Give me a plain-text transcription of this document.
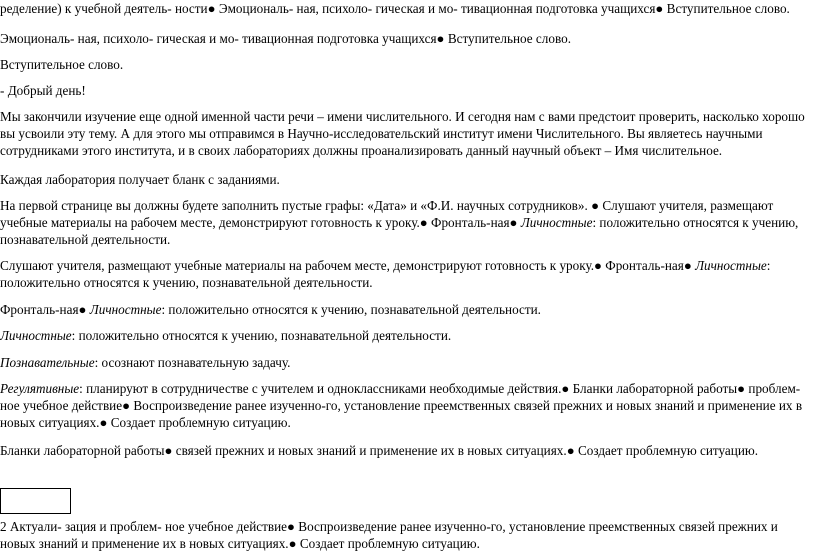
ределение) к учебной деятель- ности● Эмоциональ- ная, психоло- гическая и мо- тивационная подготовка учащихся● Вступительное слово.

Эмоциональ- ная, психоло- гическая и мо- тивационная подготовка учащихся● Вступительное слово.

Вступительное слово.

- Добрый день!

Мы закончили изучение еще одной именной части речи – имени числительного. И сегодня нам с вами предстоит проверить, насколько хорошо вы усвоили эту тему. А для этого мы отправимся в Научно-исследовательский институт имени Числительного. Вы являетесь научными сотрудниками этого института, и в своих лабораториях должны проанализировать данный научный объект – Имя числительное.

Каждая лаборатория получает бланк с заданиями.

На первой странице вы должны будете заполнить пустые графы: «Дата» и «Ф.И. научных сотрудников». ● Слушают учителя, размещают учебные материалы на рабочем месте, демонстрируют готовность к уроку.● Фронталь-ная● Личностные: положительно относятся к учению, познавательной деятельности.

Слушают учителя, размещают учебные материалы на рабочем месте, демонстрируют готовность к уроку.● Фронталь-ная● Личностные: положительно относятся к учению, познавательной деятельности.

Фронталь-ная● Личностные: положительно относятся к учению, познавательной деятельности.

Личностные: положительно относятся к учению, познавательной деятельности.

Познавательные: осознают познавательную задачу.

Регулятивные: планируют в сотрудничестве с учителем и одноклассниками необходимые действия.● Бланки лабораторной работы● проблем- ное учебное действие● Воспроизведение ранее изученно-го, установление преемственных связей прежних и новых знаний и применение их в новых ситуациях.● Создает проблемную ситуацию.

Бланки лабораторной работы● связей прежних и новых знаний и применение их в новых ситуациях.● Создает проблемную ситуацию.

2 Актуали- зация и проблем- ное учебное действие● Воспроизведение ранее изученно-го, установление преемственных связей прежних и новых знаний и применение их в новых ситуациях.● Создает проблемную ситуацию.
